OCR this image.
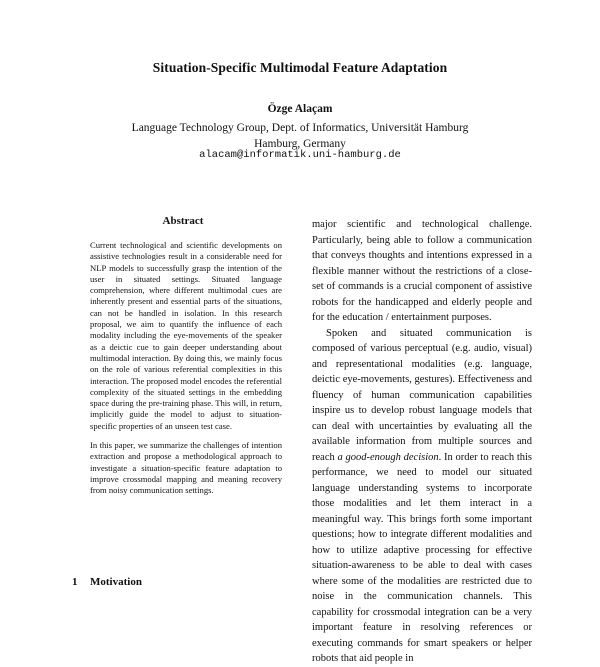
Situation-Specific Multimodal Feature Adaptation
Özge Alaçam
Language Technology Group, Dept. of Informatics, Universität Hamburg
Hamburg, Germany
alacam@informatik.uni-hamburg.de
Abstract

Current technological and scientific developments on assistive technologies result in a considerable need for NLP models to successfully grasp the intention of the user in situated settings. Situated language comprehension, where different multimodal cues are inherently present and essential parts of the situations, can not be handled in isolation. In this research proposal, we aim to quantify the influence of each modality including the eye-movements of the speaker as a deictic cue to gain deeper understanding about multimodal interaction. By doing this, we mainly focus on the role of various referential complexities in this interaction. The proposed model encodes the referential complexity of the situated settings in the embedding space during the pre-training phase. This will, in return, implicitly guide the model to adjust to situation-specific properties of an unseen test case.

In this paper, we summarize the challenges of intention extraction and propose a methodological approach to investigate a situation-specific feature adaptation to improve crossmodal mapping and meaning recovery from noisy communication settings.

1 Motivation

major scientific and technological challenge. Particularly, being able to follow a communication that conveys thoughts and intentions expressed in a flexible manner without the restrictions of a close-set of commands is a crucial component of assistive robots for the handicapped and elderly people and for the education / entertainment purposes.

Spoken and situated communication is composed of various perceptual (e.g. audio, visual) and representational modalities (e.g. language, deictic eye-movements, gestures). Effectiveness and fluency of human communication capabilities inspire us to develop robust language models that can deal with uncertainties by evaluating all the available information from multiple sources and reach a good-enough decision. In order to reach this performance, we need to model our situated language understanding systems to incorporate those modalities and let them interact in a meaningful way. This brings forth some important questions; how to integrate different modalities and how to utilize adaptive processing for effective situation-awareness to be able to deal with cases where some of the modalities are restricted due to noise in the communication channels. This capability for crossmodal integration can be a very important feature in resolving references or executing commands for smart speakers or helper robots that aid people in
